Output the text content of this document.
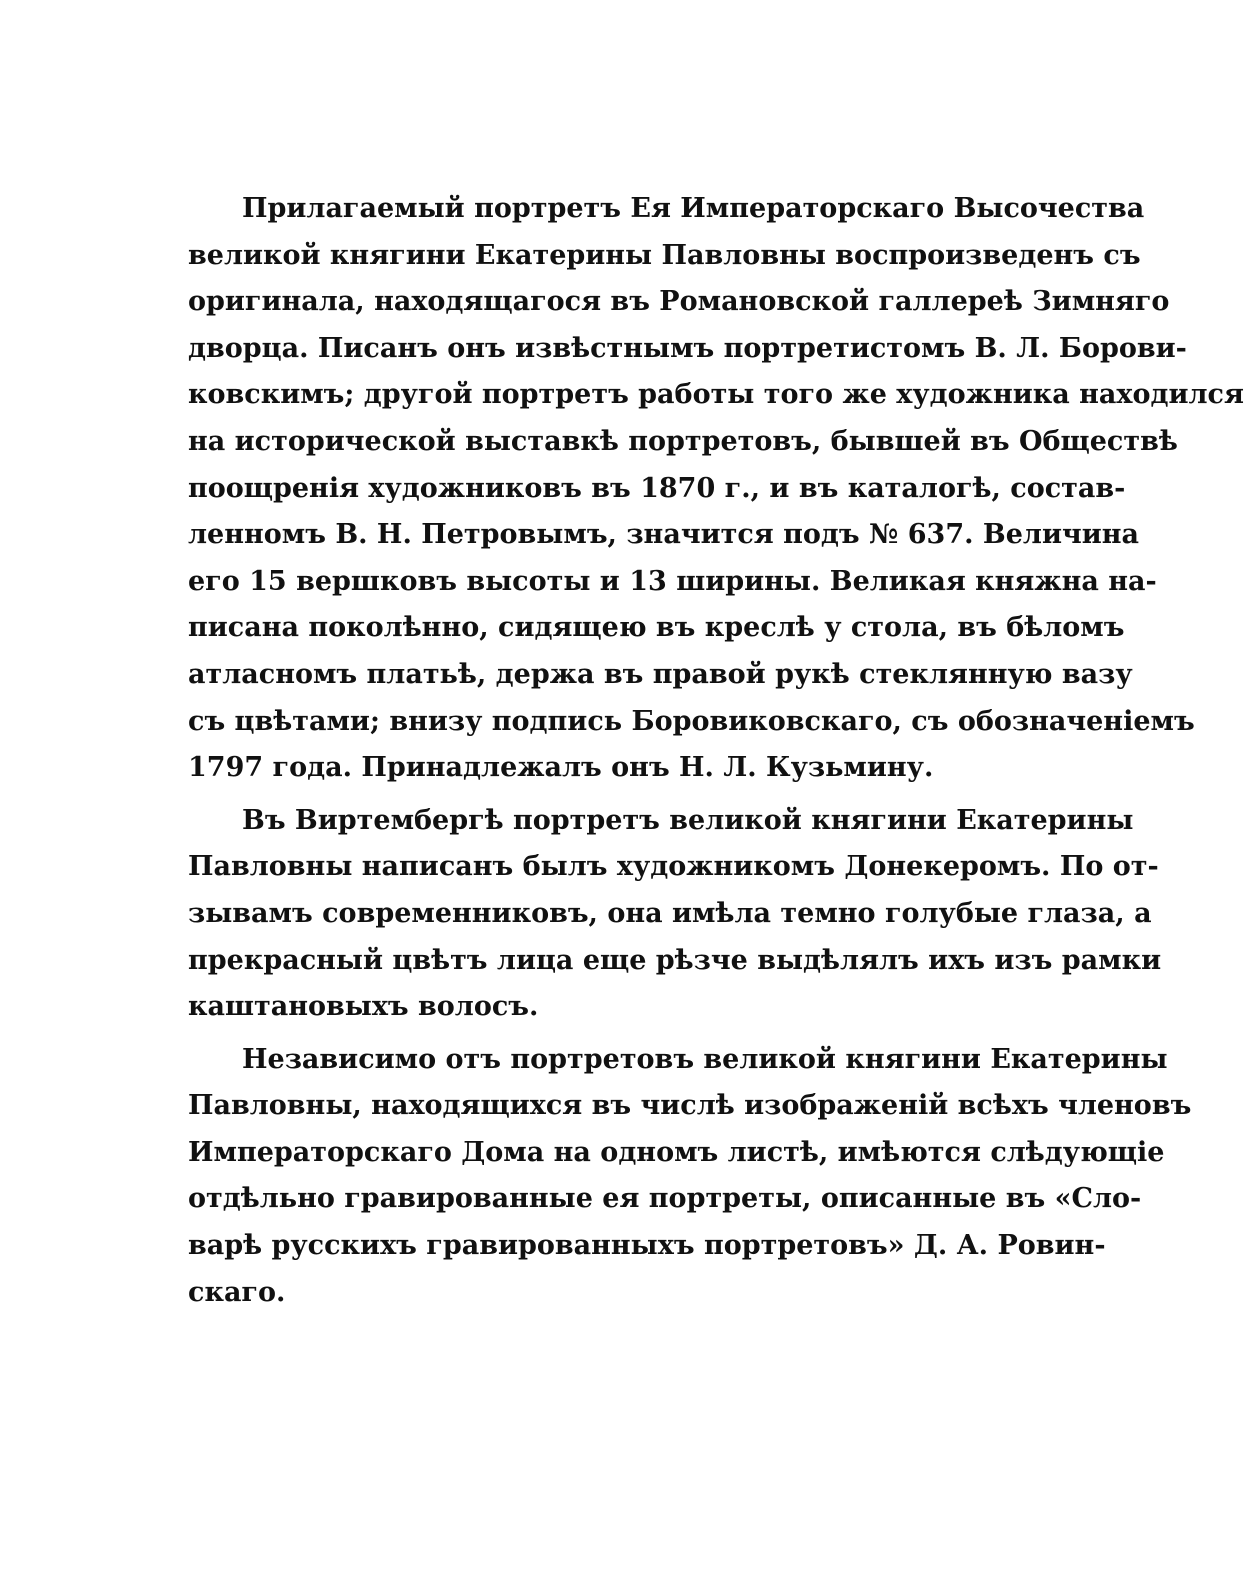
Прилагаемый портретъ Ея Императорскаго Высочества
великой княгини Екатерины Павловны воспроизведенъ съ
оригинала, находящагося въ Романовской галлереѣ Зимняго
дворца. Писанъ онъ извѣстнымъ портретистомъ В. Л. Борови-
ковскимъ; другой портретъ работы того же художника находился
на исторической выставкѣ портретовъ, бывшей въ Обществѣ
поощренія художниковъ въ 1870 г., и въ каталогѣ, состав-
ленномъ В. Н. Петровымъ, значится подъ № 637. Величина
его 15 вершковъ высоты и 13 ширины. Великая княжна на-
писана поколѣнно, сидящею въ креслѣ у стола, въ бѣломъ
атласномъ платьѣ, держа въ правой рукѣ стеклянную вазу
съ цвѣтами; внизу подпись Боровиковскаго, съ обозначеніемъ
1797 года. Принадлежалъ онъ Н. Л. Кузьмину.
Въ Виртембергѣ портретъ великой княгини Екатерины
Павловны написанъ былъ художникомъ Донекеромъ. По от-
зывамъ современниковъ, она имѣла темно голубые глаза, а
прекрасный цвѣтъ лица еще рѣзче выдѣлялъ ихъ изъ рамки
каштановыхъ волосъ.
Независимо отъ портретовъ великой княгини Екатерины
Павловны, находящихся въ числѣ изображеній всѣхъ членовъ
Императорскаго Дома на одномъ листѣ, имѣются слѣдующіе
отдѣльно гравированные ея портреты, описанные въ «Сло-
варѣ русскихъ гравированныхъ портретовъ» Д. А. Ровин-
скаго.
